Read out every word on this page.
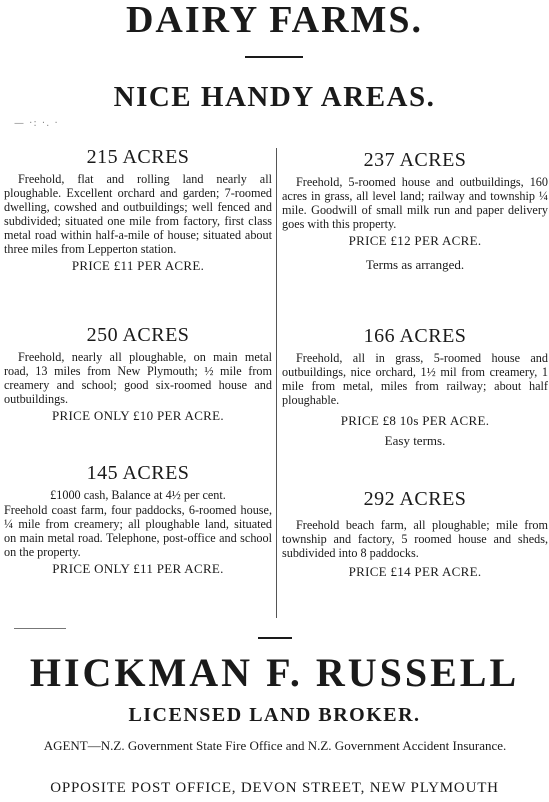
DAIRY FARMS.
NICE HANDY AREAS.
— ·: ·. ·
215 ACRES
Freehold, flat and rolling land nearly all ploughable. Excellent orchard and garden; 7-roomed dwelling, cowshed and outbuildings; well fenced and subdivided; situated one mile from factory, first class metal road within half-a-mile of house; situated about three miles from Lepperton station.
PRICE £11 PER ACRE.
250 ACRES
Freehold, nearly all ploughable, on main metal road, 13 miles from New Plymouth; ½ mile from creamery and school; good six-roomed house and outbuildings.
PRICE ONLY £10 PER ACRE.
145 ACRES
£1000 cash, Balance at 4½ per cent.
Freehold coast farm, four paddocks, 6-roomed house, ¼ mile from creamery; all ploughable land, situated on main metal road. Telephone, post-office and school on the property.
PRICE ONLY £11 PER ACRE.
237 ACRES
Freehold, 5-roomed house and outbuildings, 160 acres in grass, all level land; railway and township ¼ mile. Goodwill of small milk run and paper delivery goes with this property.
PRICE £12 PER ACRE.
Terms as arranged.
166 ACRES
Freehold, all in grass, 5-roomed house and outbuildings, nice orchard, 1½ mil from creamery, 1 mile from metal, miles from railway; about half ploughable.
PRICE £8 10s PER ACRE.
Easy terms.
292 ACRES
Freehold beach farm, all ploughable; mile from township and factory, 5 roomed house and sheds, subdivided into 8 paddocks.
PRICE £14 PER ACRE.
HICKMAN F. RUSSELL
LICENSED LAND BROKER.
AGENT—N.Z. Government State Fire Office and N.Z. Government Accident Insurance.
OPPOSITE POST OFFICE, DEVON STREET, NEW PLYMOUTH
